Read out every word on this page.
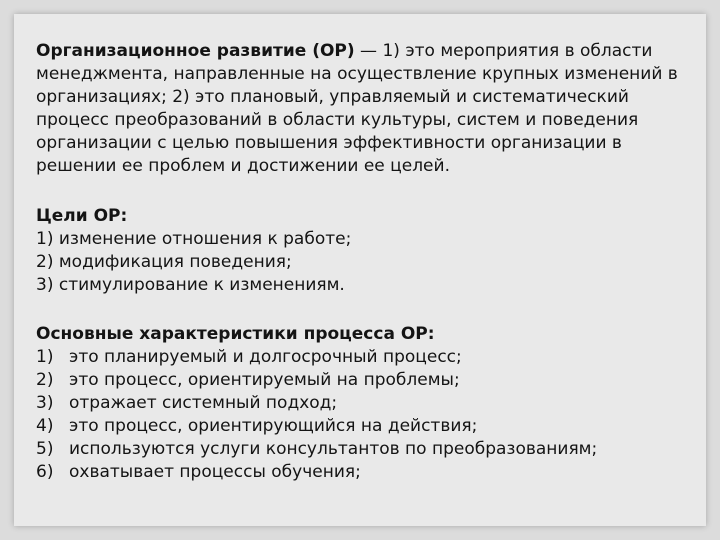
Организационное развитие (ОР) — 1) это мероприятия в области менеджмента, направленные на осуществление крупных изменений в организациях; 2) это плановый, управляемый и систематический процесс преобразований в области культуры, систем и поведения организации с целью повышения эффективности организации в решении ее проблем и достижении ее целей.

Цели ОР:
1) изменение отношения к работе;
2) модификация поведения;
3) стимулирование к изменениям.
Основные характеристики процесса ОР:
1) это планируемый и долгосрочный процесс;
2) это процесс, ориентируемый на проблемы;
3) отражает системный подход;
4) это процесс, ориентирующийся на действия;
5) используются услуги консультантов по преобразованиям;
6) охватывает процессы обучения;
